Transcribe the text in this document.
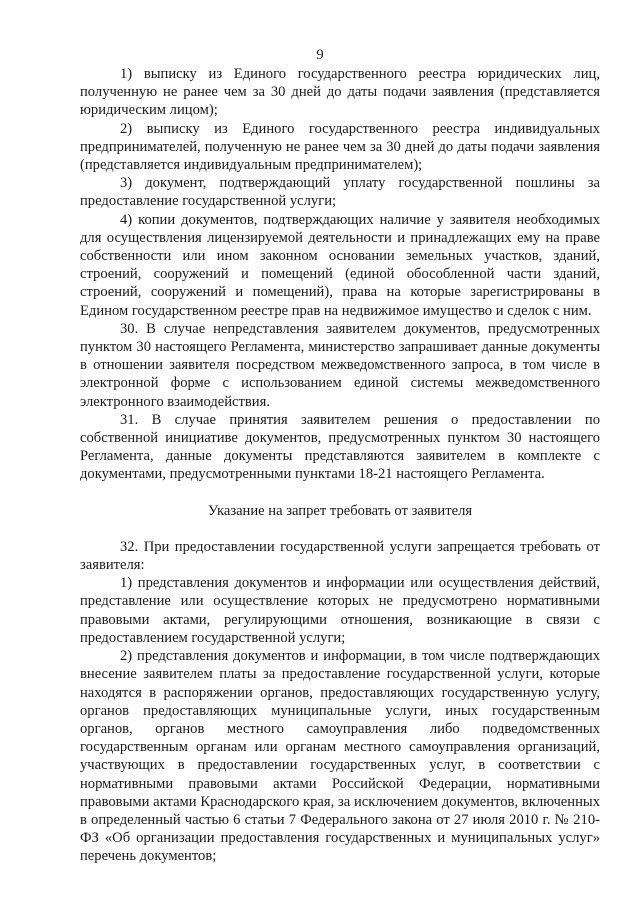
9

1) выписку из Единого государственного реестра юридических лиц, полученную не ранее чем за 30 дней до даты подачи заявления (представляется юридическим лицом);

2) выписку из Единого государственного реестра индивидуальных предпринимателей, полученную не ранее чем за 30 дней до даты подачи заявления (представляется индивидуальным предпринимателем);

3) документ, подтверждающий уплату государственной пошлины за предоставление государственной услуги;

4) копии документов, подтверждающих наличие у заявителя необходимых для осуществления лицензируемой деятельности и принадлежащих ему на праве собственности или ином законном основании земельных участков, зданий, строений, сооружений и помещений (единой обособленной части зданий, строений, сооружений и помещений), права на которые зарегистрированы в Едином государственном реестре прав на недвижимое имущество и сделок с ним.

30. В случае непредставления заявителем документов, предусмотренных пунктом 30 настоящего Регламента, министерство запрашивает данные документы в отношении заявителя посредством межведомственного запроса, в том числе в электронной форме с использованием единой системы межведомственного электронного взаимодействия.

31. В случае принятия заявителем решения о предоставлении по собственной инициативе документов, предусмотренных пунктом 30 настоящего Регламента, данные документы представляются заявителем в комплекте с документами, предусмотренными пунктами 18-21 настоящего Регламента.

Указание на запрет требовать от заявителя

32. При предоставлении государственной услуги запрещается требовать от заявителя:

1) представления документов и информации или осуществления действий, представление или осуществление которых не предусмотрено нормативными правовыми актами, регулирующими отношения, возникающие в связи с предоставлением государственной услуги;

2) представления документов и информации, в том числе подтверждающих внесение заявителем платы за предоставление государственной услуги, которые находятся в распоряжении органов, предоставляющих государственную услугу, органов предоставляющих муниципальные услуги, иных государственным органов, органов местного самоуправления либо подведомственных государственным органам или органам местного самоуправления организаций, участвующих в предоставлении государственных услуг, в соответствии с нормативными правовыми актами Российской Федерации, нормативными правовыми актами Краснодарского края, за исключением документов, включенных в определенный частью 6 статьи 7 Федерального закона от 27 июля 2010 г. № 210-ФЗ «Об организации предоставления государственных и муниципальных услуг» перечень документов;
